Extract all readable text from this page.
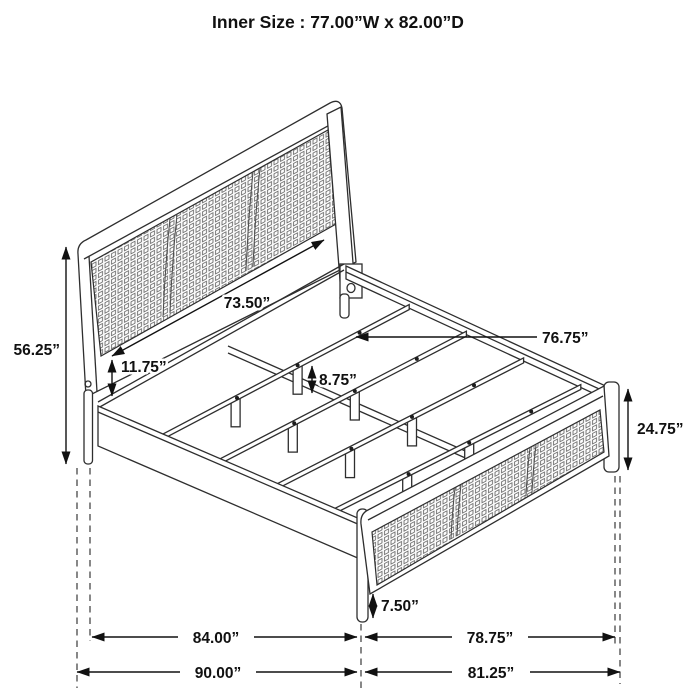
Inner Size : 77.00”W x 82.00”D
56.25”
73.50”
11.75”
76.75”
8.75”
24.75”
7.50”
84.00”	78.75”
90.00”	81.25”
